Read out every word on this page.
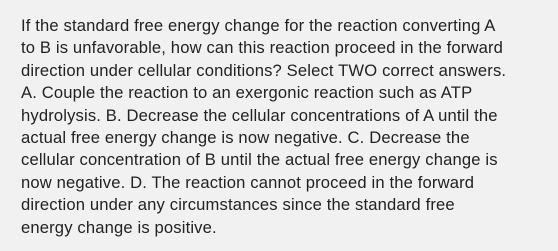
If the standard free energy change for the reaction converting A
to B is unfavorable, how can this reaction proceed in the forward
direction under cellular conditions? Select TWO correct answers.
A. Couple the reaction to an exergonic reaction such as ATP
hydrolysis. B. Decrease the cellular concentrations of A until the
actual free energy change is now negative. C. Decrease the
cellular concentration of B until the actual free energy change is
now negative. D. The reaction cannot proceed in the forward
direction under any circumstances since the standard free
energy change is positive.
